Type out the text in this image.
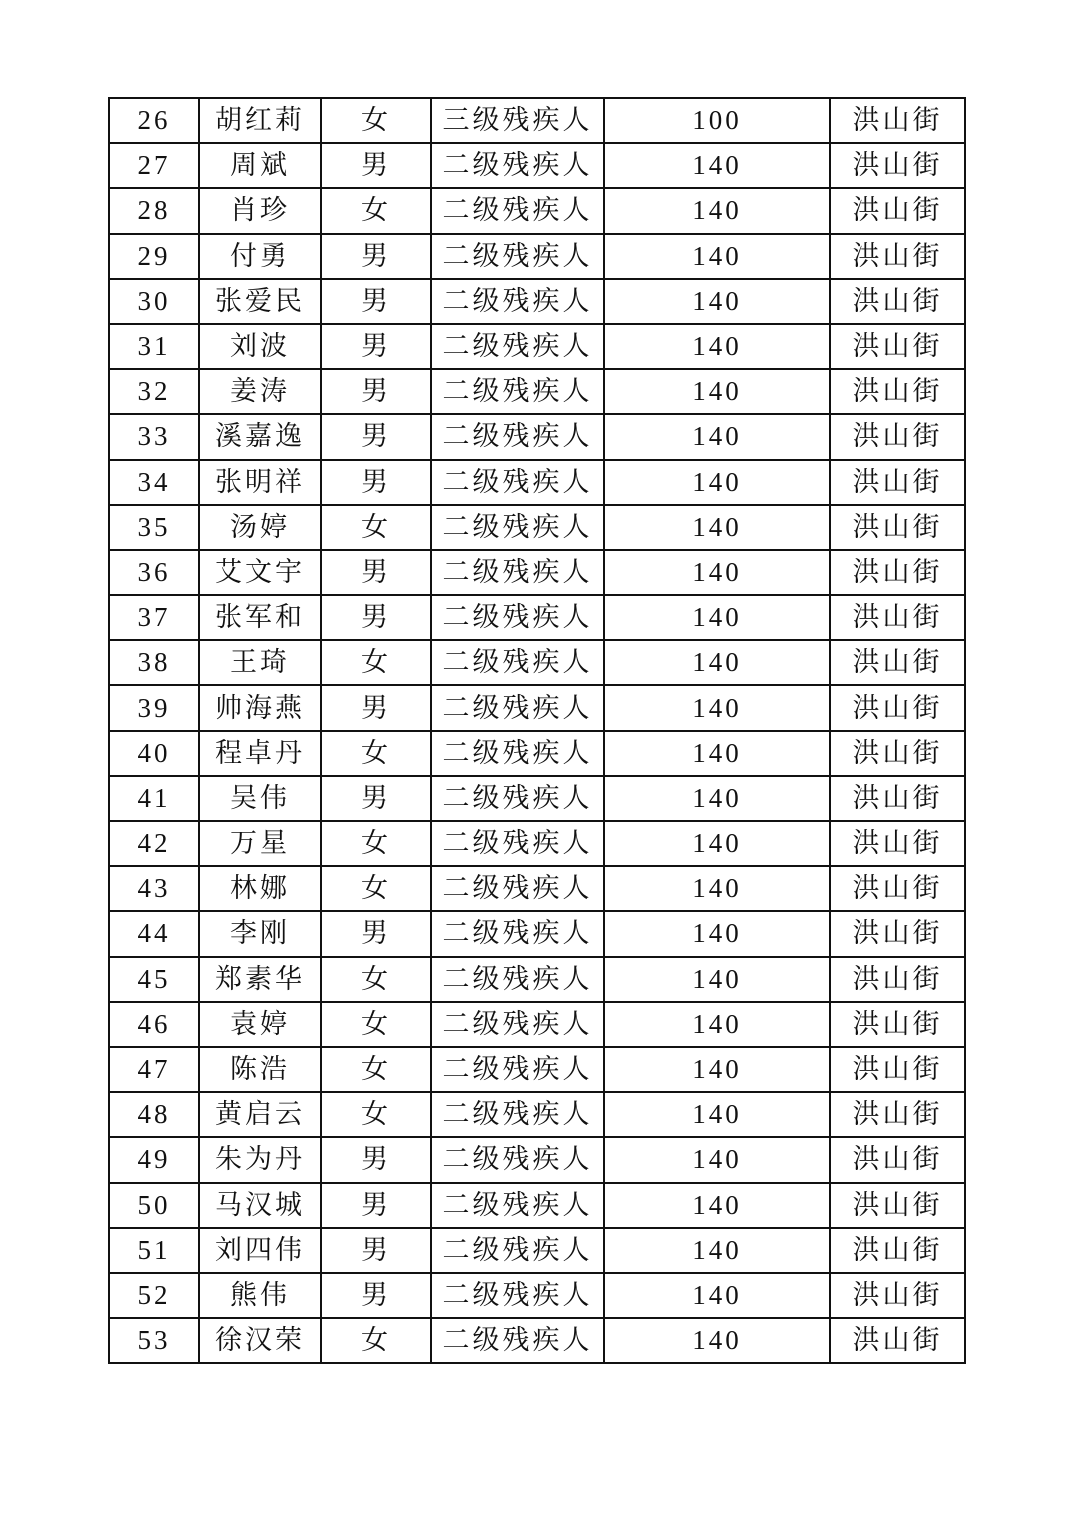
26	胡红莉	女	三级残疾人	100	洪山街
27	周斌	男	二级残疾人	140	洪山街
28	肖珍	女	二级残疾人	140	洪山街
29	付勇	男	二级残疾人	140	洪山街
30	张爱民	男	二级残疾人	140	洪山街
31	刘波	男	二级残疾人	140	洪山街
32	姜涛	男	二级残疾人	140	洪山街
33	溪嘉逸	男	二级残疾人	140	洪山街
34	张明祥	男	二级残疾人	140	洪山街
35	汤婷	女	二级残疾人	140	洪山街
36	艾文宇	男	二级残疾人	140	洪山街
37	张军和	男	二级残疾人	140	洪山街
38	王琦	女	二级残疾人	140	洪山街
39	帅海燕	男	二级残疾人	140	洪山街
40	程卓丹	女	二级残疾人	140	洪山街
41	吴伟	男	二级残疾人	140	洪山街
42	万星	女	二级残疾人	140	洪山街
43	林娜	女	二级残疾人	140	洪山街
44	李刚	男	二级残疾人	140	洪山街
45	郑素华	女	二级残疾人	140	洪山街
46	袁婷	女	二级残疾人	140	洪山街
47	陈浩	女	二级残疾人	140	洪山街
48	黄启云	女	二级残疾人	140	洪山街
49	朱为丹	男	二级残疾人	140	洪山街
50	马汉城	男	二级残疾人	140	洪山街
51	刘四伟	男	二级残疾人	140	洪山街
52	熊伟	男	二级残疾人	140	洪山街
53	徐汉荣	女	二级残疾人	140	洪山街
